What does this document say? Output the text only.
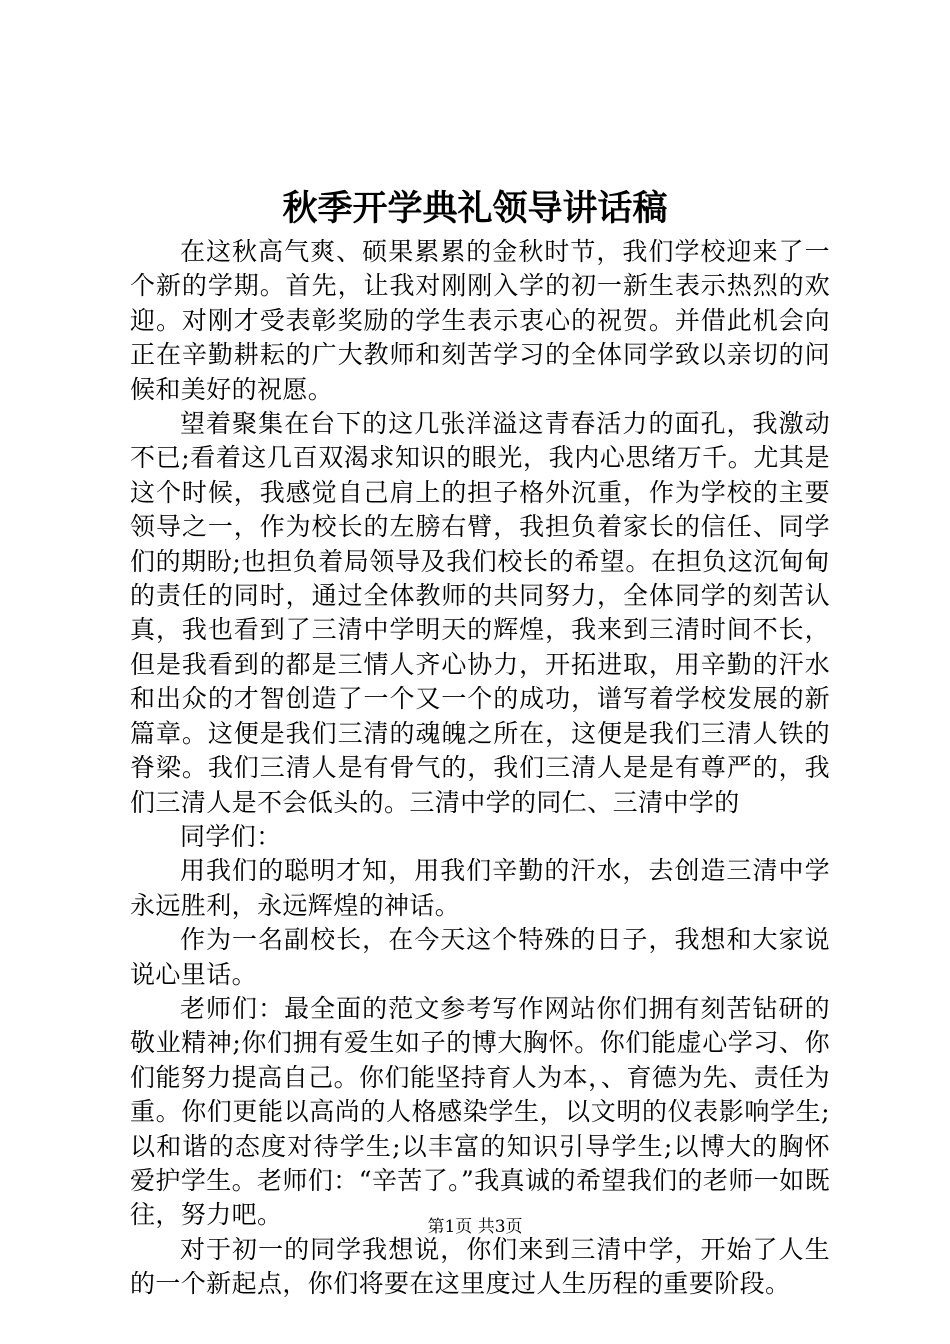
秋季开学典礼领导讲话稿

在这秋高气爽、硕果累累的金秋时节，我们学校迎来了一个新的学期。首先，让我对刚刚入学的初一新生表示热烈的欢迎。对刚才受表彰奖励的学生表示衷心的祝贺。并借此机会向正在辛勤耕耘的广大教师和刻苦学习的全体同学致以亲切的问候和美好的祝愿。

望着聚集在台下的这几张洋溢这青春活力的面孔，我激动不已;看着这几百双渴求知识的眼光，我内心思绪万千。尤其是这个时候，我感觉自己肩上的担子格外沉重，作为学校的主要领导之一，作为校长的左膀右臂，我担负着家长的信任、同学们的期盼;也担负着局领导及我们校长的希望。在担负这沉甸甸的责任的同时，通过全体教师的共同努力，全体同学的刻苦认真，我也看到了三清中学明天的辉煌，我来到三清时间不长，但是我看到的都是三情人齐心协力，开拓进取，用辛勤的汗水和出众的才智创造了一个又一个的成功，谱写着学校发展的新篇章。这便是我们三清的魂魄之所在，这便是我们三清人铁的脊梁。我们三清人是有骨气的，我们三清人是是有尊严的，我们三清人是不会低头的。三清中学的同仁、三清中学的

同学们：

用我们的聪明才知，用我们辛勤的汗水，去创造三清中学永远胜利，永远辉煌的神话。

作为一名副校长，在今天这个特殊的日子，我想和大家说说心里话。

老师们：最全面的范文参考写作网站你们拥有刻苦钻研的敬业精神;你们拥有爱生如子的博大胸怀。你们能虚心学习、你们能努力提高自己。你们能坚持育人为本，、育德为先、责任为重。你们更能以高尚的人格感染学生，以文明的仪表影响学生;以和谐的态度对待学生;以丰富的知识引导学生;以博大的胸怀爱护学生。老师们：“辛苦了。”我真诚的希望我们的老师一如既往，努力吧。

对于初一的同学我想说，你们来到三清中学，开始了人生的一个新起点，你们将要在这里度过人生历程的重要阶段。

第1页 共3页
